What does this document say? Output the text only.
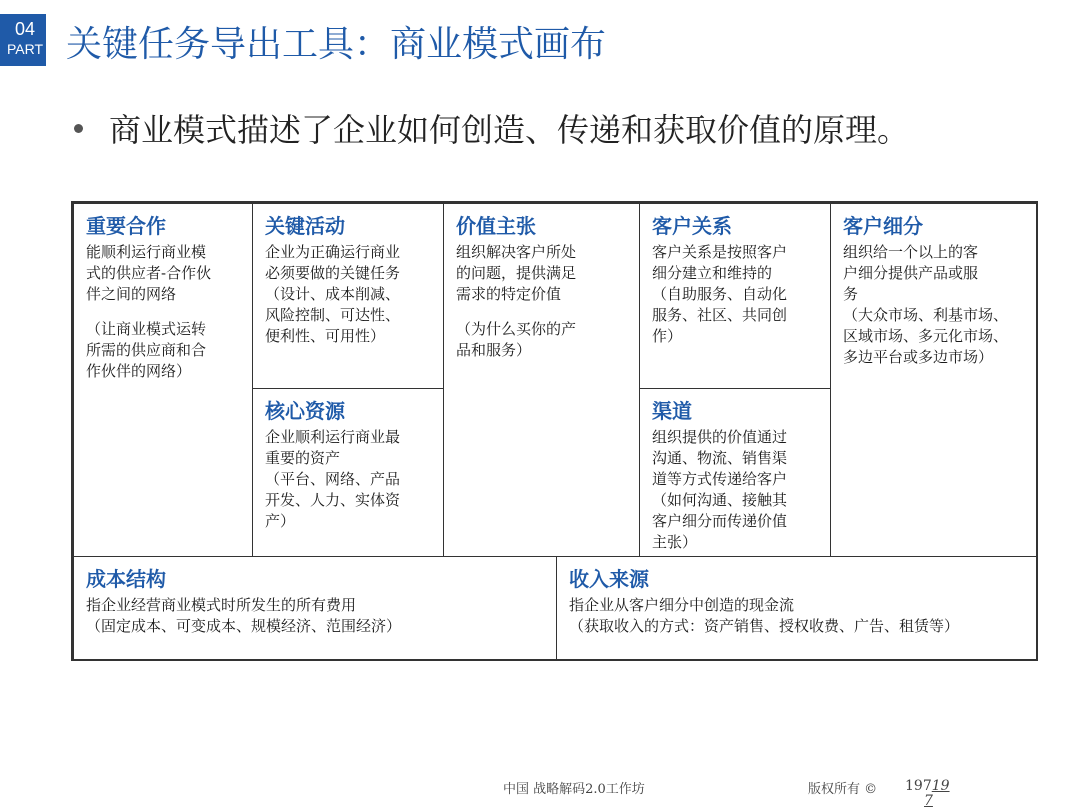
04
PART 关键任务导出工具：商业模式画布
商业模式描述了企业如何创造、传递和获取价值的原理。
重要合作

能顺利运行商业模
式的供应者-合作伙
伴之间的网络

（让商业模式运转
所需的供应商和合
作伙伴的网络）

关键活动

企业为正确运行商业
必须要做的关键任务
（设计、成本削减、
风险控制、可达性、
便利性、可用性）

核心资源

企业顺利运行商业最
重要的资产
（平台、网络、产品
开发、人力、实体资
产）

价值主张

组织解决客户所处
的问题，提供满足
需求的特定价值

（为什么买你的产
品和服务）

客户关系

客户关系是按照客户
细分建立和维持的
（自助服务、自动化
服务、社区、共同创
作）

渠道

组织提供的价值通过
沟通、物流、销售渠
道等方式传递给客户
（如何沟通、接触其
客户细分而传递价值
主张）

客户细分

组织给一个以上的客
户细分提供产品或服
务
（大众市场、利基市场、
区域市场、多元化市场、
多边平台或多边市场）

成本结构

指企业经营商业模式时所发生的所有费用
（固定成本、可变成本、规模经济、范围经济）

收入来源

指企业从客户细分中创造的现金流
（获取收入的方式：资产销售、授权收费、广告、租赁等）

中国 战略解码2.0工作坊	版权所有 © 19719
7
